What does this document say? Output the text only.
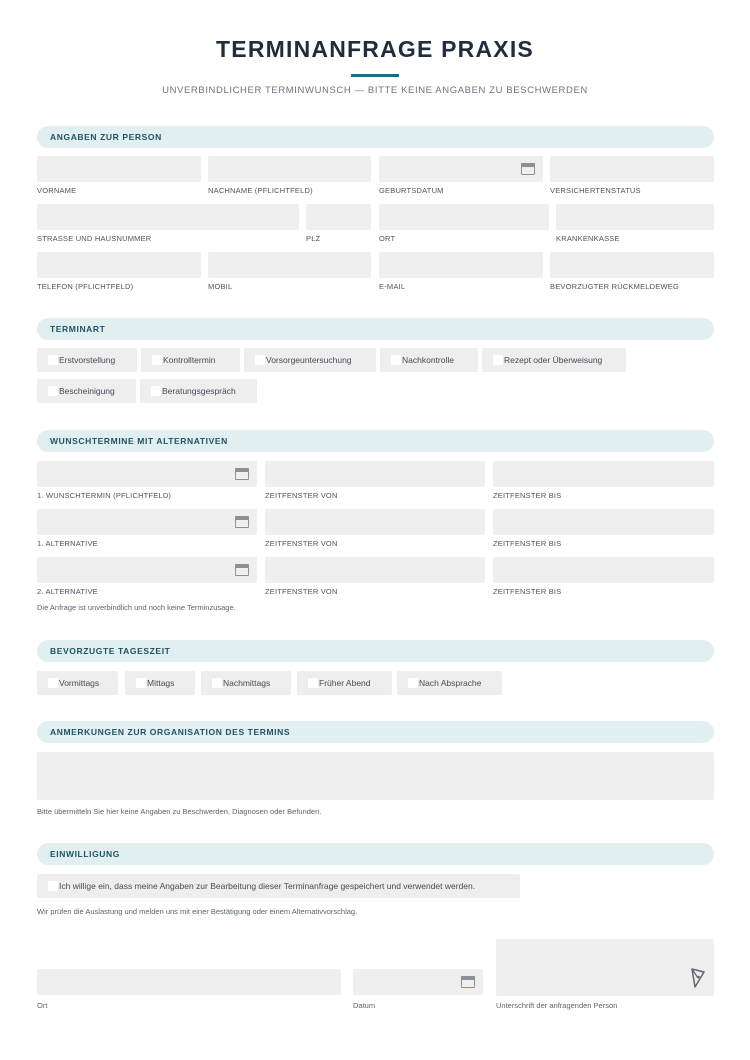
TERMINANFRAGE PRAXIS
UNVERBINDLICHER TERMINWUNSCH — BITTE KEINE ANGABEN ZU BESCHWERDEN
ANGABEN ZUR PERSON
VORNAME	NACHNAME (PFLICHTFELD)	GEBURTSDATUM	VERSICHERTENSTATUS
STRASSE UND HAUSNUMMER	PLZ	ORT	KRANKENKASSE
TELEFON (PFLICHTFELD)	MOBIL	E-MAIL	BEVORZUGTER RÜCKMELDEWEG
TERMINART
Erstvorstellung	Kontrolltermin	Vorsorgeuntersuchung	Nachkontrolle	Rezept oder Überweisung
Bescheinigung	Beratungsgespräch
WUNSCHTERMINE MIT ALTERNATIVEN
1. WUNSCHTERMIN (PFLICHTFELD)	ZEITFENSTER VON	ZEITFENSTER BIS
1. ALTERNATIVE	ZEITFENSTER VON	ZEITFENSTER BIS
2. ALTERNATIVE	ZEITFENSTER VON	ZEITFENSTER BIS
Die Anfrage ist unverbindlich und noch keine Terminzusage.
BEVORZUGTE TAGESZEIT
Vormittags	Mittags	Nachmittags	Früher Abend	Nach Absprache
ANMERKUNGEN ZUR ORGANISATION DES TERMINS
Bitte übermitteln Sie hier keine Angaben zu Beschwerden, Diagnosen oder Befunden.
EINWILLIGUNG
Ich willige ein, dass meine Angaben zur Bearbeitung dieser Terminanfrage gespeichert und verwendet werden.
Wir prüfen die Auslastung und melden uns mit einer Bestätigung oder einem Alternativvorschlag.
Ort	Datum	Unterschrift der anfragenden Person
